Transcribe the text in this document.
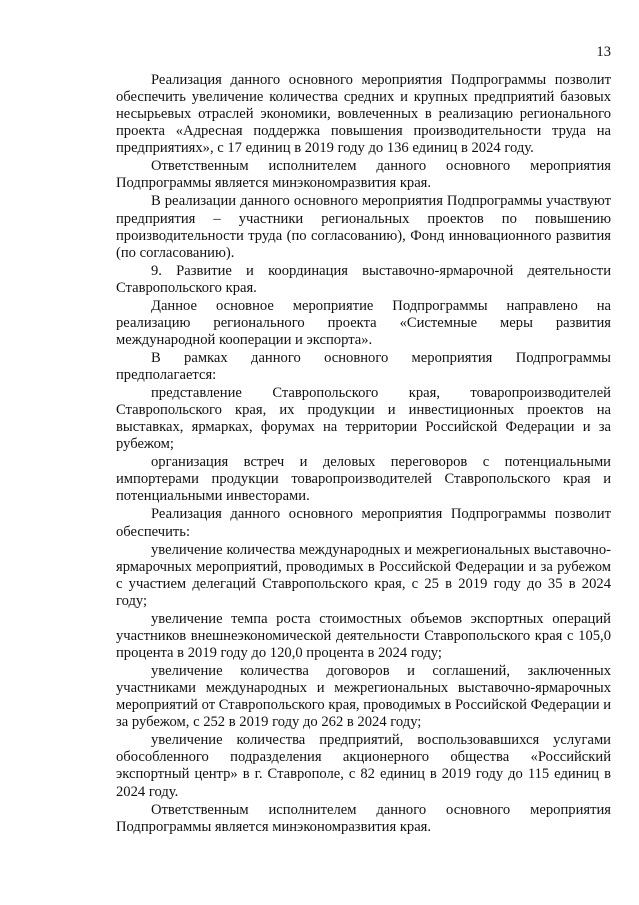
13

Реализация данного основного мероприятия Подпрограммы позволит обеспечить увеличение количества средних и крупных предприятий базовых несырьевых отраслей экономики, вовлеченных в реализацию регионального проекта «Адресная поддержка повышения производительности труда на предприятиях», с 17 единиц в 2019 году до 136 единиц в 2024 году.

Ответственным исполнителем данного основного мероприятия Подпрограммы является минэкономразвития края.

В реализации данного основного мероприятия Подпрограммы участвуют предприятия – участники региональных проектов по повышению производительности труда (по согласованию), Фонд инновационного развития (по согласованию).

9. Развитие и координация выставочно-ярмарочной деятельности Ставропольского края.

Данное основное мероприятие Подпрограммы направлено на реализацию регионального проекта «Системные меры развития международной кооперации и экспорта».

В рамках данного основного мероприятия Подпрограммы предполагается:

представление Ставропольского края, товаропроизводителей Ставропольского края, их продукции и инвестиционных проектов на выставках, ярмарках, форумах на территории Российской Федерации и за рубежом;

организация встреч и деловых переговоров с потенциальными импортерами продукции товаропроизводителей Ставропольского края и потенциальными инвесторами.

Реализация данного основного мероприятия Подпрограммы позволит обеспечить:

увеличение количества международных и межрегиональных выставочно-ярмарочных мероприятий, проводимых в Российской Федерации и за рубежом с участием делегаций Ставропольского края, с 25 в 2019 году до 35 в 2024 году;

увеличение темпа роста стоимостных объемов экспортных операций участников внешнеэкономической деятельности Ставропольского края с 105,0 процента в 2019 году до 120,0 процента в 2024 году;

увеличение количества договоров и соглашений, заключенных участниками международных и межрегиональных выставочно-ярмарочных мероприятий от Ставропольского края, проводимых в Российской Федерации и за рубежом, с 252 в 2019 году до 262 в 2024 году;

увеличение количества предприятий, воспользовавшихся услугами обособленного подразделения акционерного общества «Российский экспортный центр» в г. Ставрополе, с 82 единиц в 2019 году до 115 единиц в 2024 году.

Ответственным исполнителем данного основного мероприятия Подпрограммы является минэкономразвития края.
